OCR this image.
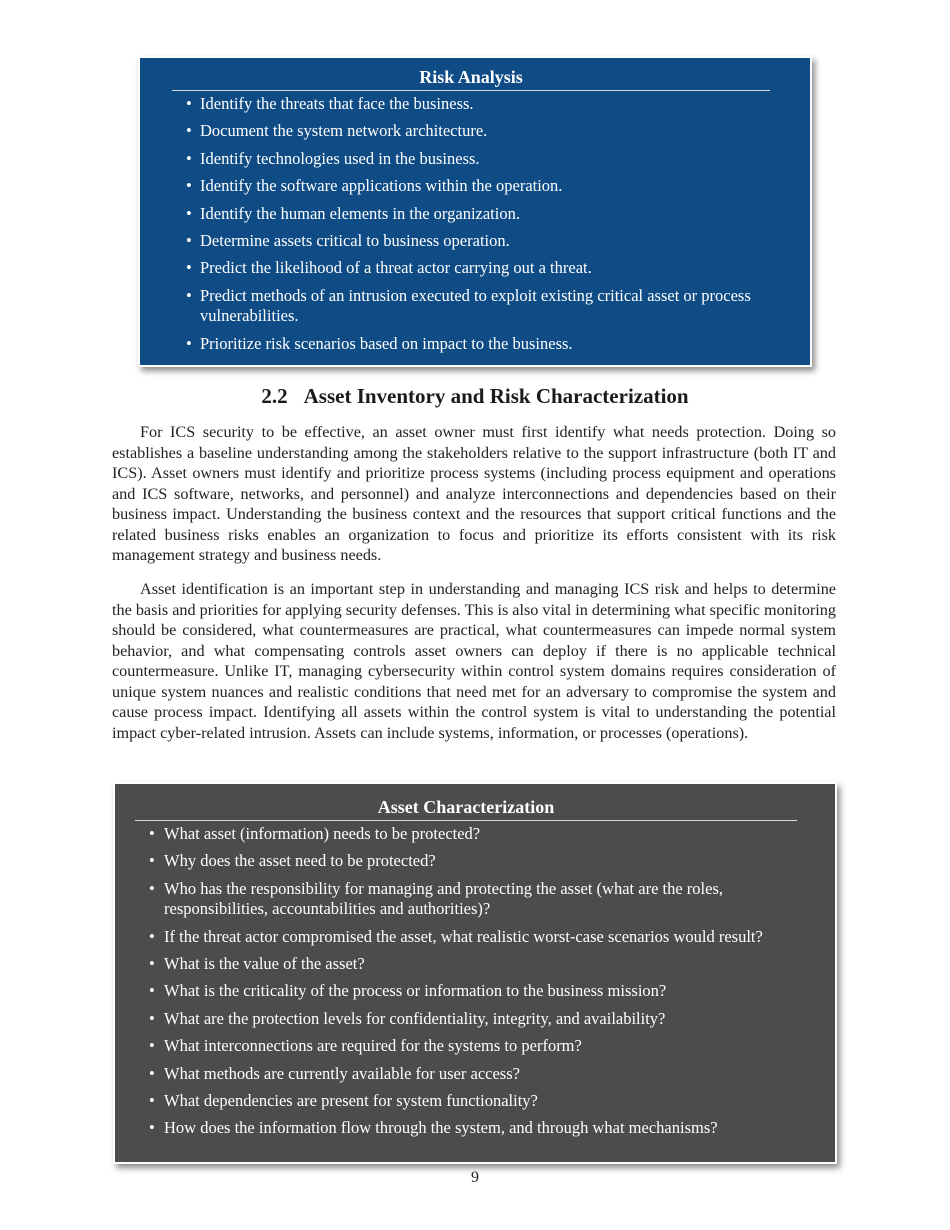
Risk Analysis
• Identify the threats that face the business.
• Document the system network architecture.
• Identify technologies used in the business.
• Identify the software applications within the operation.
• Identify the human elements in the organization.
• Determine assets critical to business operation.
• Predict the likelihood of a threat actor carrying out a threat.
• Predict methods of an intrusion executed to exploit existing critical asset or process vulnerabilities.
• Prioritize risk scenarios based on impact to the business.
2.2 Asset Inventory and Risk Characterization

For ICS security to be effective, an asset owner must first identify what needs protection. Doing so establishes a baseline understanding among the stakeholders relative to the support infrastructure (both IT and ICS). Asset owners must identify and prioritize process systems (including process equipment and operations and ICS software, networks, and personnel) and analyze interconnections and dependencies based on their business impact. Understanding the business context and the resources that support critical functions and the related business risks enables an organization to focus and prioritize its efforts consistent with its risk management strategy and business needs.

Asset identification is an important step in understanding and managing ICS risk and helps to determine the basis and priorities for applying security defenses. This is also vital in determining what specific monitoring should be considered, what countermeasures are practical, what countermeasures can impede normal system behavior, and what compensating controls asset owners can deploy if there is no applicable technical countermeasure. Unlike IT, managing cybersecurity within control system domains requires consideration of unique system nuances and realistic conditions that need met for an adversary to compromise the system and cause process impact. Identifying all assets within the control system is vital to understanding the potential impact cyber-related intrusion. Assets can include systems, information, or processes (operations).

Asset Characterization
• What asset (information) needs to be protected?
• Why does the asset need to be protected?
• Who has the responsibility for managing and protecting the asset (what are the roles, responsibilities, accountabilities and authorities)?
• If the threat actor compromised the asset, what realistic worst-case scenarios would result?
• What is the value of the asset?
• What is the criticality of the process or information to the business mission?
• What are the protection levels for confidentiality, integrity, and availability?
• What interconnections are required for the systems to perform?
• What methods are currently available for user access?
• What dependencies are present for system functionality?
• How does the information flow through the system, and through what mechanisms?
9
